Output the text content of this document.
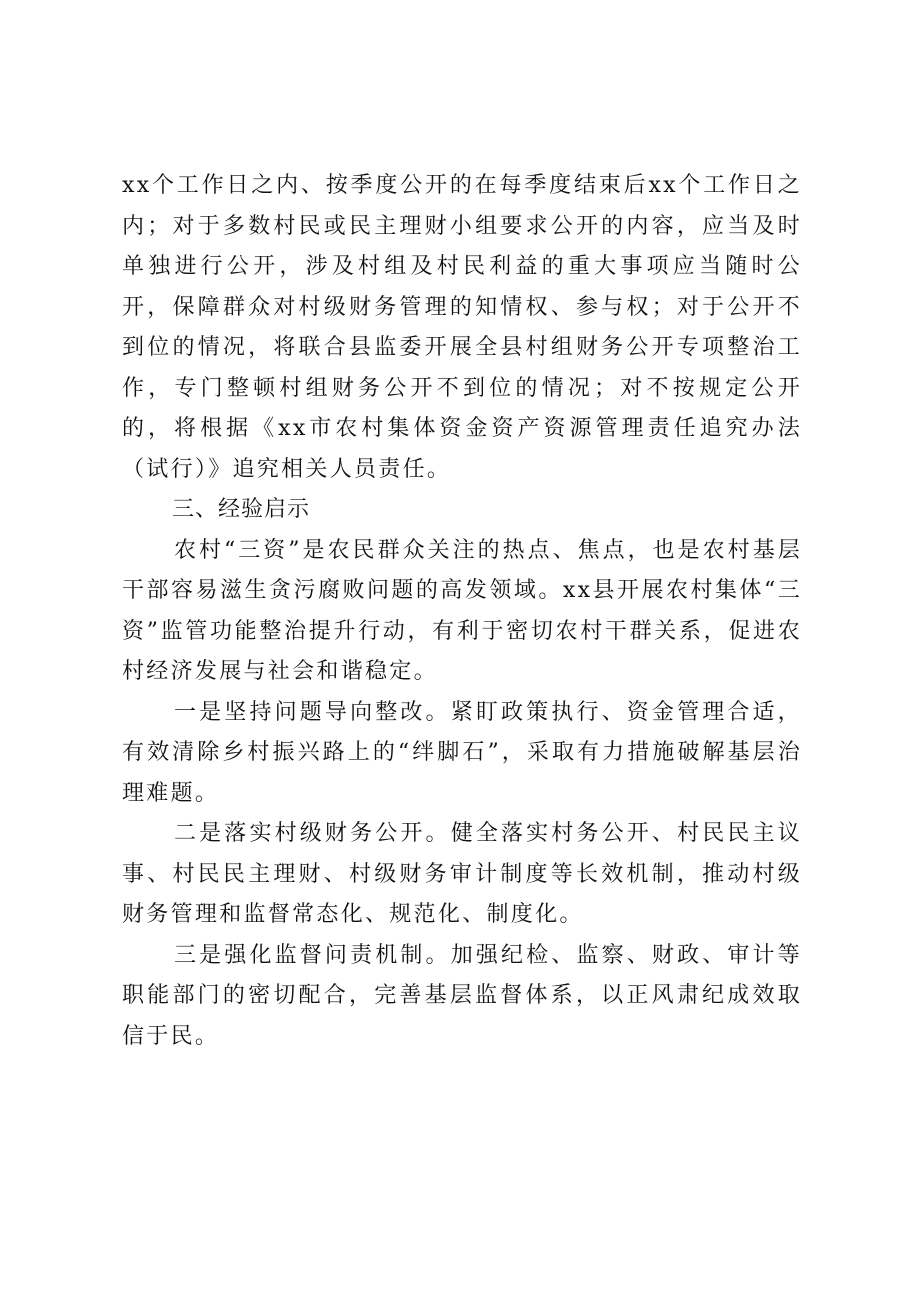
xx个工作日之内、按季度公开的在每季度结束后xx个工作日之内；对于多数村民或民主理财小组要求公开的内容，应当及时单独进行公开，涉及村组及村民利益的重大事项应当随时公开，保障群众对村级财务管理的知情权、参与权；对于公开不到位的情况，将联合县监委开展全县村组财务公开专项整治工作，专门整顿村组财务公开不到位的情况；对不按规定公开的，将根据《xx市农村集体资金资产资源管理责任追究办法（试行）》追究相关人员责任。

三、经验启示

农村“三资”是农民群众关注的热点、焦点，也是农村基层干部容易滋生贪污腐败问题的高发领域。xx县开展农村集体“三资”监管功能整治提升行动，有利于密切农村干群关系，促进农村经济发展与社会和谐稳定。

一是坚持问题导向整改。紧盯政策执行、资金管理合适，有效清除乡村振兴路上的“绊脚石”，采取有力措施破解基层治理难题。

二是落实村级财务公开。健全落实村务公开、村民民主议事、村民民主理财、村级财务审计制度等长效机制，推动村级财务管理和监督常态化、规范化、制度化。

三是强化监督问责机制。加强纪检、监察、财政、审计等职能部门的密切配合，完善基层监督体系，以正风肃纪成效取信于民。
